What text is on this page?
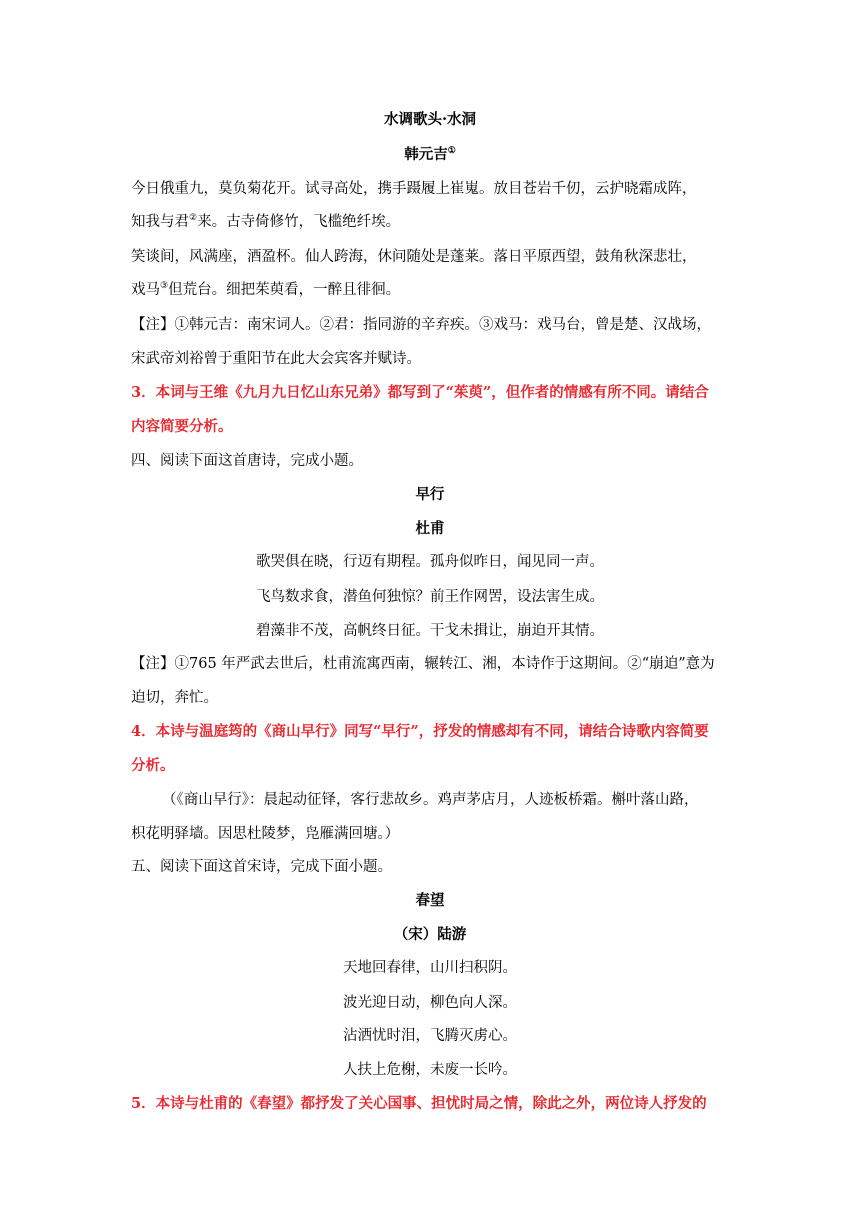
水调歌头·水洞
韩元吉①
今日俄重九，莫负菊花开。试寻高处，携手蹑履上崔嵬。放目苍岩千仞，云护晓霜成阵，
知我与君②来。古寺倚修竹，飞槛绝纤埃。
笑谈间，风满座，酒盈杯。仙人跨海，休问随处是蓬莱。落日平原西望，鼓角秋深悲壮，
戏马③但荒台。细把茱萸看，一醉且徘徊。
【注】①韩元吉：南宋词人。②君：指同游的辛弃疾。③戏马：戏马台，曾是楚、汉战场，
宋武帝刘裕曾于重阳节在此大会宾客并赋诗。
3．本词与王维《九月九日忆山东兄弟》都写到了“茱萸”，但作者的情感有所不同。请结合
内容简要分析。
四、阅读下面这首唐诗，完成小题。
早行
杜甫
歌哭俱在晓，行迈有期程。孤舟似昨日，闻见同一声。
飞鸟数求食，潜鱼何独惊？前王作网罟，设法害生成。
碧藻非不茂，高帆终日征。干戈未揖让，崩迫开其情。
【注】①765 年严武去世后，杜甫流寓西南，辗转江、湘，本诗作于这期间。②“崩迫”意为
迫切，奔忙。
4．本诗与温庭筠的《商山早行》同写“早行”，抒发的情感却有不同，请结合诗歌内容简要
分析。
（《商山早行》：晨起动征铎，客行悲故乡。鸡声茅店月，人迹板桥霜。槲叶落山路，
枳花明驿墙。因思杜陵梦，凫雁满回塘。）
五、阅读下面这首宋诗，完成下面小题。
春望
（宋）陆游
天地回春律，山川扫积阴。
波光迎日动，柳色向人深。
沾洒忧时泪，飞腾灭虏心。
人扶上危榭，未废一长吟。
5．本诗与杜甫的《春望》都抒发了关心国事、担忧时局之情，除此之外，两位诗人抒发的
